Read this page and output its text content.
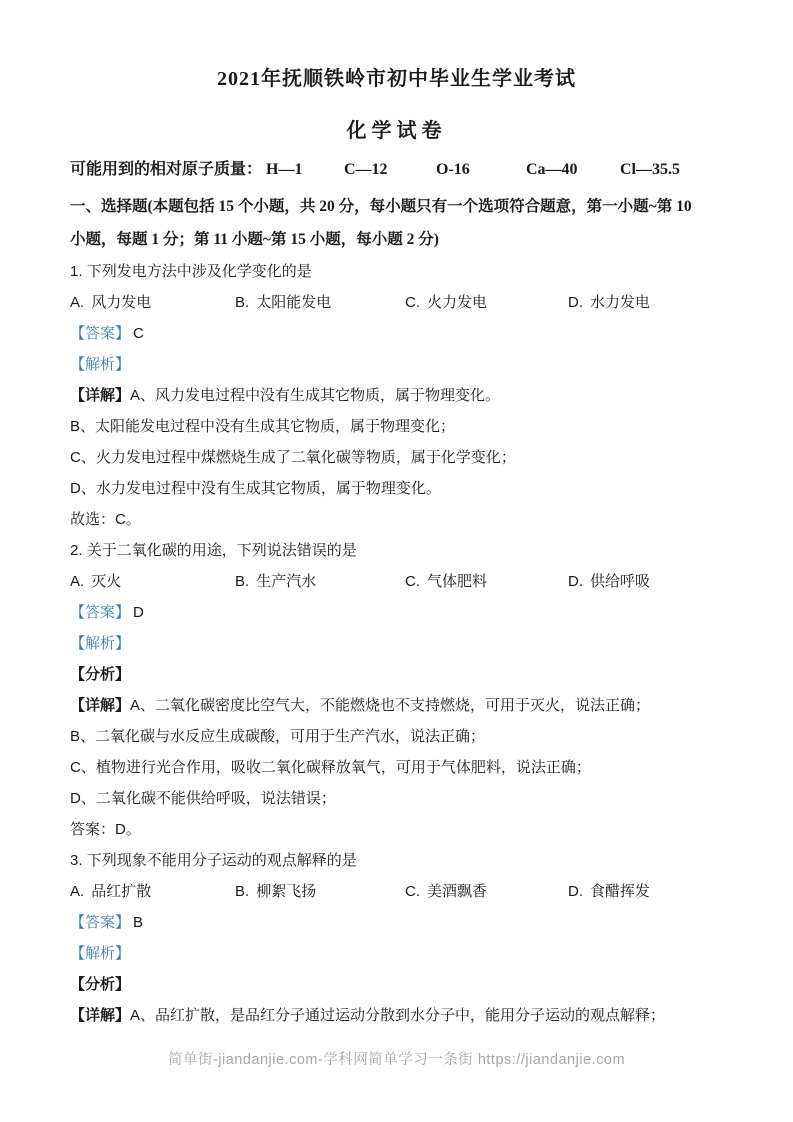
2021年抚顺铁岭市初中毕业生学业考试
化学试卷
可能用到的相对原子质量： H—1	C—12	O-16	Ca—40	Cl—35.5
一、选择题(本题包括 15 个小题，共 20 分，每小题只有一个选项符合题意，第一小题~第 10
小题，每题 1 分；第 11 小题~第 15 小题，每小题 2 分)

1. 下列发电方法中涉及化学变化的是

A. 风力发电	B. 太阳能发电	C. 火力发电	D. 水力发电

【答案】 C

【解析】

【详解】A、风力发电过程中没有生成其它物质，属于物理变化。

B、太阳能发电过程中没有生成其它物质，属于物理变化；

C、火力发电过程中煤燃烧生成了二氧化碳等物质，属于化学变化；

D、水力发电过程中没有生成其它物质，属于物理变化。

故选：C。

2. 关于二氧化碳的用途，下列说法错误的是

A. 灭火	B. 生产汽水	C. 气体肥料	D. 供给呼吸

【答案】 D

【解析】

【分析】

【详解】A、二氧化碳密度比空气大，不能燃烧也不支持燃烧，可用于灭火，说法正确；

B、二氧化碳与水反应生成碳酸，可用于生产汽水，说法正确；

C、植物进行光合作用，吸收二氧化碳释放氧气，可用于气体肥料，说法正确；

D、二氧化碳不能供给呼吸，说法错误；

答案：D。

3. 下列现象不能用分子运动的观点解释的是

A. 品红扩散	B. 柳絮飞扬	C. 美酒飘香	D. 食醋挥发

【答案】 B

【解析】

【分析】

【详解】A、品红扩散，是品红分子通过运动分散到水分子中，能用分子运动的观点解释；

简单街-jiandanjie.com-学科网简单学习一条街 https://jiandanjie.com
